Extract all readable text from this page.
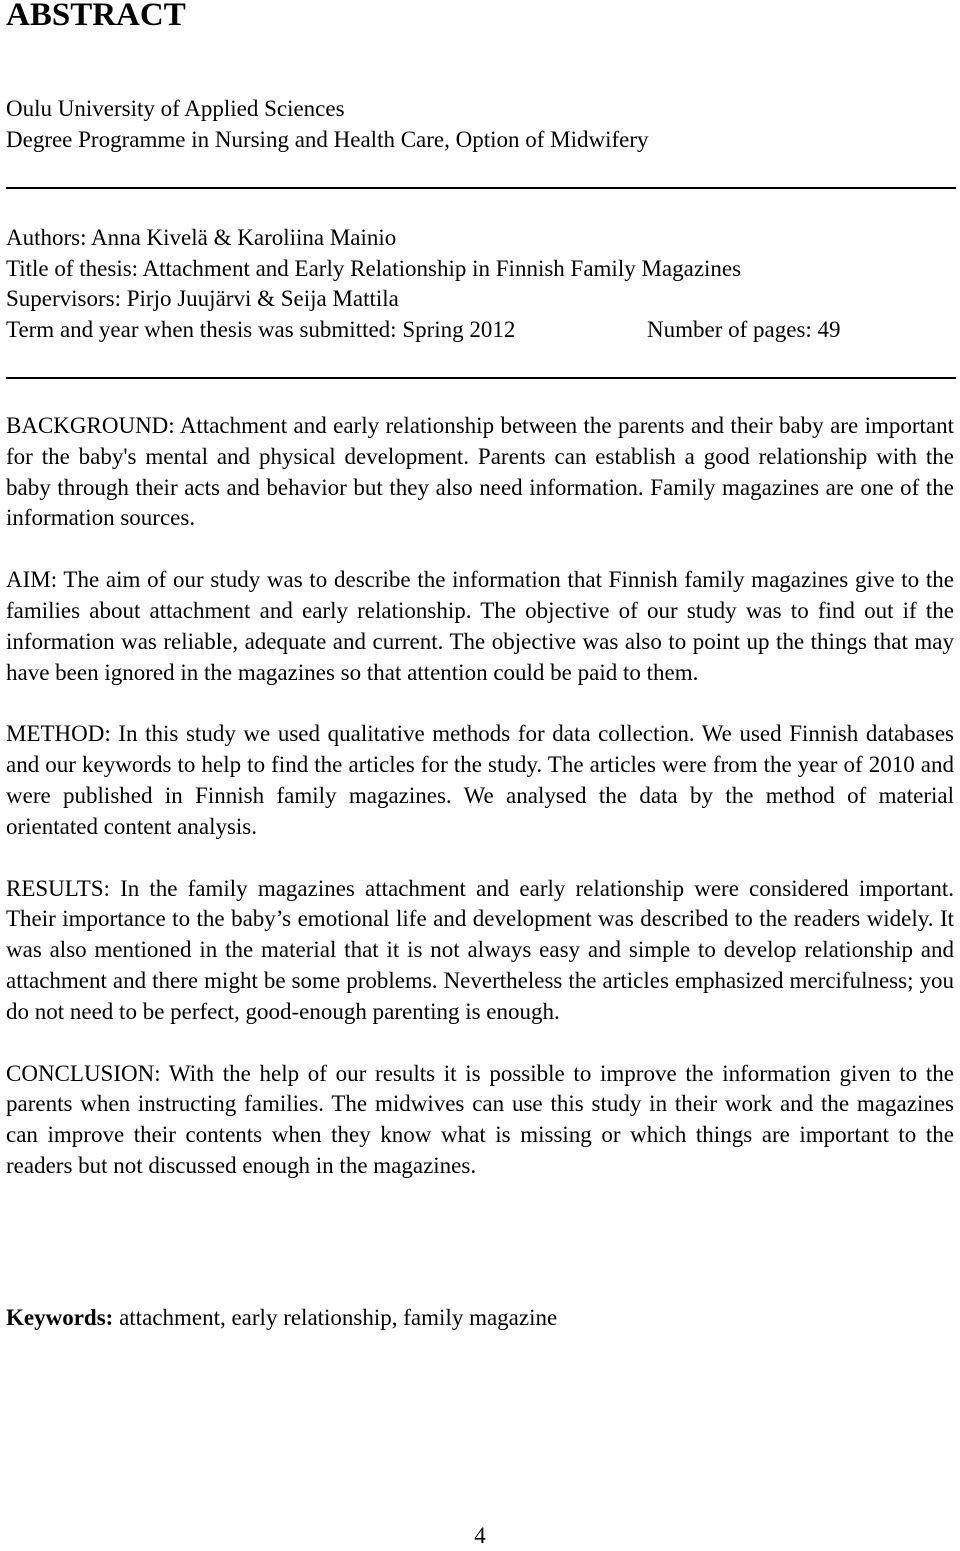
ABSTRACT

Oulu University of Applied Sciences

Degree Programme in Nursing and Health Care, Option of Midwifery

Authors: Anna Kivelä & Karoliina Mainio
Title of thesis: Attachment and Early Relationship in Finnish Family Magazines
Supervisors: Pirjo Juujärvi & Seija Mattila
Term and year when thesis was submitted: Spring 2012	Number of pages: 49

BACKGROUND: Attachment and early relationship between the parents and their baby are important for the baby's mental and physical development. Parents can establish a good relationship with the baby through their acts and behavior but they also need information. Family magazines are one of the information sources.

AIM: The aim of our study was to describe the information that Finnish family magazines give to the families about attachment and early relationship. The objective of our study was to find out if the information was reliable, adequate and current. The objective was also to point up the things that may have been ignored in the magazines so that attention could be paid to them.

METHOD: In this study we used qualitative methods for data collection. We used Finnish databases and our keywords to help to find the articles for the study. The articles were from the year of 2010 and were published in Finnish family magazines. We analysed the data by the method of material orientated content analysis.

RESULTS: In the family magazines attachment and early relationship were considered important. Their importance to the baby’s emotional life and development was described to the readers widely. It was also mentioned in the material that it is not always easy and simple to develop relationship and attachment and there might be some problems. Nevertheless the articles emphasized mercifulness; you do not need to be perfect, good-enough parenting is enough.

CONCLUSION: With the help of our results it is possible to improve the information given to the parents when instructing families. The midwives can use this study in their work and the magazines can improve their contents when they know what is missing or which things are important to the readers but not discussed enough in the magazines.

Keywords: attachment, early relationship, family magazine
4
